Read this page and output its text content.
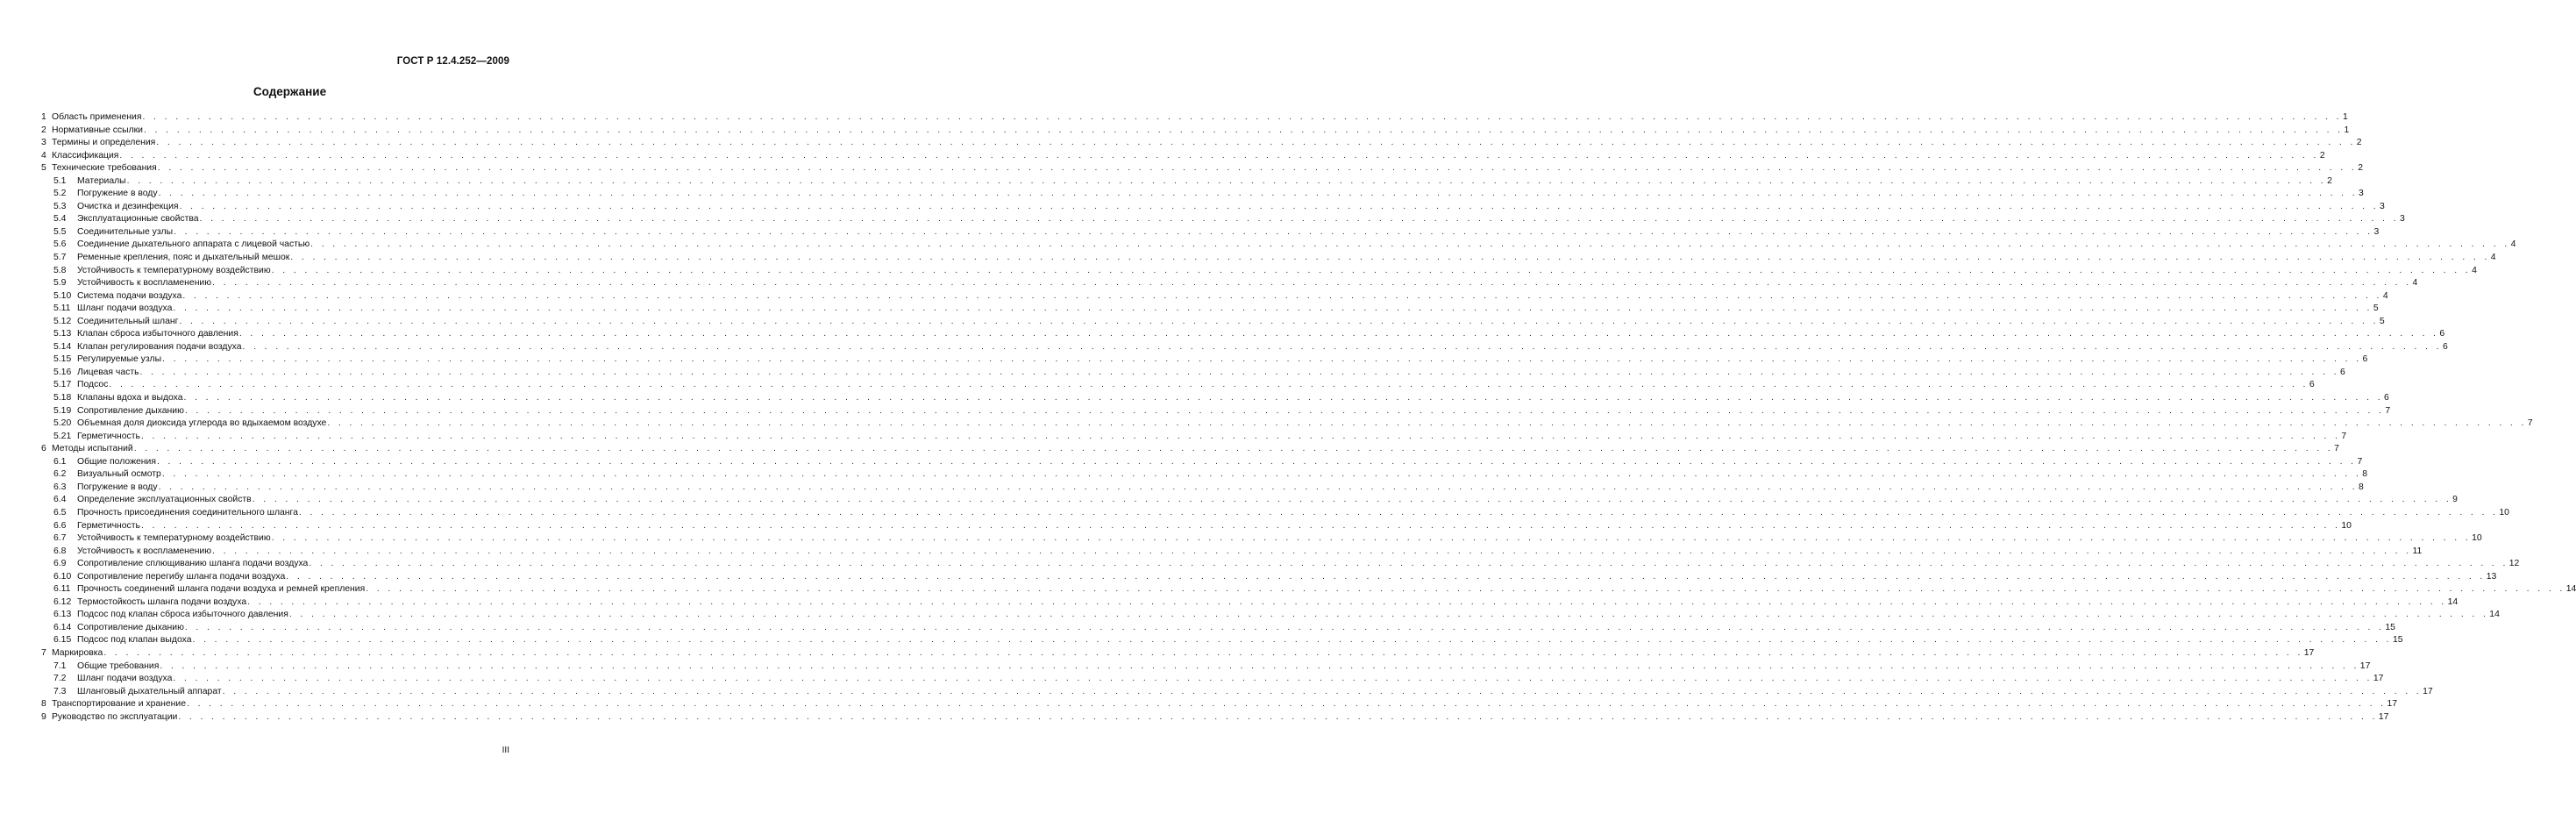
ГОСТ Р 12.4.252—2009
Содержание
1 Область применения . . . . . . . . . . . . . . . . . . . . . . . . . . . . . . . . . . . . . . . . . . . . . . . . . . . . . . . . . . . . . . . . . . . . . . . . . . . . . . . . . . . . . . . . . . . . . . . . . . . . . . . . . . . . . . . . . . . . . . . . . . . . . . . . . . . . . . . . . . . . . . . . . . . . . . . . . . . . . . . . . . . . . . . . . . . . . . . . . . . . . . . . . . . . . . . . . . . . . . . . 1
2 Нормативные ссылки . . . . . . . . . . . . . . . . . . . . . . . . . . . . . . . . . . . . . . . . . . . . . . . . . . . . . . . . . . . . . . . . . . . . . . . . . . . . . . . . . . . . . . . . . . . . . . . . . . . . . . . . . . . . . . . . . . . . . . . . . . . . . . . . . . . . . . . . . . . . . . . . . . . . . . . . . . . . . . . . . . . . . . . . . . . . . . . . . . . . . . . . . . . . . . . . . . . . . . . . 1
3 Термины и определения . . . . . . . . . . . . . . . . . . . . . . . . . . . . . . . . . . . . . . . . . . . . . . . . . . . . . . . . . . . . . . . . . . . . . . . . . . . . . . . . . . . . . . . . . . . . . . . . . . . . . . . . . . . . . . . . . . . . . . . . . . . . . . . . . . . . . . . . . . . . . . . . . . . . . . . . . . . . . . . . . . . . . . . . . . . . . . . . . . . . . . . . . . . . . . . . . . . . . . . . 2
4 Классификация . . . . . . . . . . . . . . . . . . . . . . . . . . . . . . . . . . . . . . . . . . . . . . . . . . . . . . . . . . . . . . . . . . . . . . . . . . . . . . . . . . . . . . . . . . . . . . . . . . . . . . . . . . . . . . . . . . . . . . . . . . . . . . . . . . . . . . . . . . . . . . . . . . . . . . . . . . . . . . . . . . . . . . . . . . . . . . . . . . . . . . . . . . . . . . . . . . . . . . . . 2
5 Технические требования . . . . . . . . . . . . . . . . . . . . . . . . . . . . . . . . . . . . . . . . . . . . . . . . . . . . . . . . . . . . . . . . . . . . . . . . . . . . . . . . . . . . . . . . . . . . . . . . . . . . . . . . . . . . . . . . . . . . . . . . . . . . . . . . . . . . . . . . . . . . . . . . . . . . . . . . . . . . . . . . . . . . . . . . . . . . . . . . . . . . . . . . . . . . . . . . . . . . . . . . 2
5.1	Материалы . . . . . . . . . . . . . . . . . . . . . . . . . . . . . . . . . . . . . . . . . . . . . . . . . . . . . . . . . . . . . . . . . . . . . . . . . . . . . . . . . . . . . . . . . . . . . . . . . . . . . . . . . . . . . . . . . . . . . . . . . . . . . . . . . . . . . . . . . . . . . . . . . . . . . . . . . . . . . . . . . . . . . . . . . . . . . . . . . . . . . . . . . . . . . . . . . . . . . . . . 2
5.2	Погружение в воду . . . . . . . . . . . . . . . . . . . . . . . . . . . . . . . . . . . . . . . . . . . . . . . . . . . . . . . . . . . . . . . . . . . . . . . . . . . . . . . . . . . . . . . . . . . . . . . . . . . . . . . . . . . . . . . . . . . . . . . . . . . . . . . . . . . . . . . . . . . . . . . . . . . . . . . . . . . . . . . . . . . . . . . . . . . . . . . . . . . . . . . . . . . . . . . . . . . . . . . . 3
5.3	Очистка и дезинфекция . . . . . . . . . . . . . . . . . . . . . . . . . . . . . . . . . . . . . . . . . . . . . . . . . . . . . . . . . . . . . . . . . . . . . . . . . . . . . . . . . . . . . . . . . . . . . . . . . . . . . . . . . . . . . . . . . . . . . . . . . . . . . . . . . . . . . . . . . . . . . . . . . . . . . . . . . . . . . . . . . . . . . . . . . . . . . . . . . . . . . . . . . . . . . . . . . . . . . . . . 3
5.4	Эксплуатационные свойства . . . . . . . . . . . . . . . . . . . . . . . . . . . . . . . . . . . . . . . . . . . . . . . . . . . . . . . . . . . . . . . . . . . . . . . . . . . . . . . . . . . . . . . . . . . . . . . . . . . . . . . . . . . . . . . . . . . . . . . . . . . . . . . . . . . . . . . . . . . . . . . . . . . . . . . . . . . . . . . . . . . . . . . . . . . . . . . . . . . . . . . . . . . . . . . . . . . . . . . . 3
5.5	Соединительные узлы . . . . . . . . . . . . . . . . . . . . . . . . . . . . . . . . . . . . . . . . . . . . . . . . . . . . . . . . . . . . . . . . . . . . . . . . . . . . . . . . . . . . . . . . . . . . . . . . . . . . . . . . . . . . . . . . . . . . . . . . . . . . . . . . . . . . . . . . . . . . . . . . . . . . . . . . . . . . . . . . . . . . . . . . . . . . . . . . . . . . . . . . . . . . . . . . . . . . . . . . 3
5.6	Соединение дыхательного аппарата с лицевой частью . . . . . . . . . . . . . . . . . . . . . . . . . . . . . . . . . . . . . . . . . . . . . . . . . . . . . . . . . . . . . . . . . . . . . . . . . . . . . . . . . . . . . . . . . . . . . . . . . . . . . . . . . . . . . . . . . . . . . . . . . . . . . . . . . . . . . . . . . . . . . . . . . . . . . . . . . . . . . . . . . . . . . . . . . . . . . . . . . . . . . . . . . . . . . . . . . . . . . . . . 4
5.7	Ременные крепления, пояс и дыхательный мешок . . . . . . . . . . . . . . . . . . . . . . . . . . . . . . . . . . . . . . . . . . . . . . . . . . . . . . . . . . . . . . . . . . . . . . . . . . . . . . . . . . . . . . . . . . . . . . . . . . . . . . . . . . . . . . . . . . . . . . . . . . . . . . . . . . . . . . . . . . . . . . . . . . . . . . . . . . . . . . . . . . . . . . . . . . . . . . . . . . . . . . . . . . . . . . . . . . . . . . . . 4
5.8	Устойчивость к температурному воздействию . . . . . . . . . . . . . . . . . . . . . . . . . . . . . . . . . . . . . . . . . . . . . . . . . . . . . . . . . . . . . . . . . . . . . . . . . . . . . . . . . . . . . . . . . . . . . . . . . . . . . . . . . . . . . . . . . . . . . . . . . . . . . . . . . . . . . . . . . . . . . . . . . . . . . . . . . . . . . . . . . . . . . . . . . . . . . . . . . . . . . . . . . . . . . . . . . . . . . . . . 4
5.9	Устойчивость к воспламенению . . . . . . . . . . . . . . . . . . . . . . . . . . . . . . . . . . . . . . . . . . . . . . . . . . . . . . . . . . . . . . . . . . . . . . . . . . . . . . . . . . . . . . . . . . . . . . . . . . . . . . . . . . . . . . . . . . . . . . . . . . . . . . . . . . . . . . . . . . . . . . . . . . . . . . . . . . . . . . . . . . . . . . . . . . . . . . . . . . . . . . . . . . . . . . . . . . . . . . . . 4
5.10 Система подачи воздуха . . . . . . . . . . . . . . . . . . . . . . . . . . . . . . . . . . . . . . . . . . . . . . . . . . . . . . . . . . . . . . . . . . . . . . . . . . . . . . . . . . . . . . . . . . . . . . . . . . . . . . . . . . . . . . . . . . . . . . . . . . . . . . . . . . . . . . . . . . . . . . . . . . . . . . . . . . . . . . . . . . . . . . . . . . . . . . . . . . . . . . . . . . . . . . . . . . . . . . . . 4
5.11 Шланг подачи воздуха . . . . . . . . . . . . . . . . . . . . . . . . . . . . . . . . . . . . . . . . . . . . . . . . . . . . . . . . . . . . . . . . . . . . . . . . . . . . . . . . . . . . . . . . . . . . . . . . . . . . . . . . . . . . . . . . . . . . . . . . . . . . . . . . . . . . . . . . . . . . . . . . . . . . . . . . . . . . . . . . . . . . . . . . . . . . . . . . . . . . . . . . . . . . . . . . . . . . . . . . 5
5.12 Соединительный шланг . . . . . . . . . . . . . . . . . . . . . . . . . . . . . . . . . . . . . . . . . . . . . . . . . . . . . . . . . . . . . . . . . . . . . . . . . . . . . . . . . . . . . . . . . . . . . . . . . . . . . . . . . . . . . . . . . . . . . . . . . . . . . . . . . . . . . . . . . . . . . . . . . . . . . . . . . . . . . . . . . . . . . . . . . . . . . . . . . . . . . . . . . . . . . . . . . . . . . . . . 5
5.13 Клапан сброса избыточного давления . . . . . . . . . . . . . . . . . . . . . . . . . . . . . . . . . . . . . . . . . . . . . . . . . . . . . . . . . . . . . . . . . . . . . . . . . . . . . . . . . . . . . . . . . . . . . . . . . . . . . . . . . . . . . . . . . . . . . . . . . . . . . . . . . . . . . . . . . . . . . . . . . . . . . . . . . . . . . . . . . . . . . . . . . . . . . . . . . . . . . . . . . . . . . . . . . . . . . . . . 6
5.14 Клапан регулирования подачи воздуха . . . . . . . . . . . . . . . . . . . . . . . . . . . . . . . . . . . . . . . . . . . . . . . . . . . . . . . . . . . . . . . . . . . . . . . . . . . . . . . . . . . . . . . . . . . . . . . . . . . . . . . . . . . . . . . . . . . . . . . . . . . . . . . . . . . . . . . . . . . . . . . . . . . . . . . . . . . . . . . . . . . . . . . . . . . . . . . . . . . . . . . . . . . . . . . . . . . . . . . . 6
5.15 Регулируемые узлы . . . . . . . . . . . . . . . . . . . . . . . . . . . . . . . . . . . . . . . . . . . . . . . . . . . . . . . . . . . . . . . . . . . . . . . . . . . . . . . . . . . . . . . . . . . . . . . . . . . . . . . . . . . . . . . . . . . . . . . . . . . . . . . . . . . . . . . . . . . . . . . . . . . . . . . . . . . . . . . . . . . . . . . . . . . . . . . . . . . . . . . . . . . . . . . . . . . . . . . . 6
5.16 Лицевая часть . . . . . . . . . . . . . . . . . . . . . . . . . . . . . . . . . . . . . . . . . . . . . . . . . . . . . . . . . . . . . . . . . . . . . . . . . . . . . . . . . . . . . . . . . . . . . . . . . . . . . . . . . . . . . . . . . . . . . . . . . . . . . . . . . . . . . . . . . . . . . . . . . . . . . . . . . . . . . . . . . . . . . . . . . . . . . . . . . . . . . . . . . . . . . . . . . . . . . . . . 6
5.17 Подсос . . . . . . . . . . . . . . . . . . . . . . . . . . . . . . . . . . . . . . . . . . . . . . . . . . . . . . . . . . . . . . . . . . . . . . . . . . . . . . . . . . . . . . . . . . . . . . . . . . . . . . . . . . . . . . . . . . . . . . . . . . . . . . . . . . . . . . . . . . . . . . . . . . . . . . . . . . . . . . . . . . . . . . . . . . . . . . . . . . . . . . . . . . . . . . . . . . . . . . . . 6
5.18 Клапаны вдоха и выдоха . . . . . . . . . . . . . . . . . . . . . . . . . . . . . . . . . . . . . . . . . . . . . . . . . . . . . . . . . . . . . . . . . . . . . . . . . . . . . . . . . . . . . . . . . . . . . . . . . . . . . . . . . . . . . . . . . . . . . . . . . . . . . . . . . . . . . . . . . . . . . . . . . . . . . . . . . . . . . . . . . . . . . . . . . . . . . . . . . . . . . . . . . . . . . . . . . . . . . . . . 6
5.19 Сопротивление дыханию . . . . . . . . . . . . . . . . . . . . . . . . . . . . . . . . . . . . . . . . . . . . . . . . . . . . . . . . . . . . . . . . . . . . . . . . . . . . . . . . . . . . . . . . . . . . . . . . . . . . . . . . . . . . . . . . . . . . . . . . . . . . . . . . . . . . . . . . . . . . . . . . . . . . . . . . . . . . . . . . . . . . . . . . . . . . . . . . . . . . . . . . . . . . . . . . . . . . . . . . 7
5.20 Объемная доля диоксида углерода во вдыхаемом воздухе . . . . . . . . . . . . . . . . . . . . . . . . . . . . . . . . . . . . . . . . . . . . . . . . . . . . . . . . . . . . . . . . . . . . . . . . . . . . . . . . . . . . . . . . . . . . . . . . . . . . . . . . . . . . . . . . . . . . . . . . . . . . . . . . . . . . . . . . . . . . . . . . . . . . . . . . . . . . . . . . . . . . . . . . . . . . . . . . . . . . . . . . . . . . . . . . . . . . . . . . 7
5.21 Герметичность . . . . . . . . . . . . . . . . . . . . . . . . . . . . . . . . . . . . . . . . . . . . . . . . . . . . . . . . . . . . . . . . . . . . . . . . . . . . . . . . . . . . . . . . . . . . . . . . . . . . . . . . . . . . . . . . . . . . . . . . . . . . . . . . . . . . . . . . . . . . . . . . . . . . . . . . . . . . . . . . . . . . . . . . . . . . . . . . . . . . . . . . . . . . . . . . . . . . . . . . 7
6 Методы испытаний . . . . . . . . . . . . . . . . . . . . . . . . . . . . . . . . . . . . . . . . . . . . . . . . . . . . . . . . . . . . . . . . . . . . . . . . . . . . . . . . . . . . . . . . . . . . . . . . . . . . . . . . . . . . . . . . . . . . . . . . . . . . . . . . . . . . . . . . . . . . . . . . . . . . . . . . . . . . . . . . . . . . . . . . . . . . . . . . . . . . . . . . . . . . . . . . . . . . . . . . 7
6.1	Общие положения . . . . . . . . . . . . . . . . . . . . . . . . . . . . . . . . . . . . . . . . . . . . . . . . . . . . . . . . . . . . . . . . . . . . . . . . . . . . . . . . . . . . . . . . . . . . . . . . . . . . . . . . . . . . . . . . . . . . . . . . . . . . . . . . . . . . . . . . . . . . . . . . . . . . . . . . . . . . . . . . . . . . . . . . . . . . . . . . . . . . . . . . . . . . . . . . . . . . . . . . 7
6.2	Визуальный осмотр . . . . . . . . . . . . . . . . . . . . . . . . . . . . . . . . . . . . . . . . . . . . . . . . . . . . . . . . . . . . . . . . . . . . . . . . . . . . . . . . . . . . . . . . . . . . . . . . . . . . . . . . . . . . . . . . . . . . . . . . . . . . . . . . . . . . . . . . . . . . . . . . . . . . . . . . . . . . . . . . . . . . . . . . . . . . . . . . . . . . . . . . . . . . . . . . . . . . . . . . 8
6.3	Погружение в воду . . . . . . . . . . . . . . . . . . . . . . . . . . . . . . . . . . . . . . . . . . . . . . . . . . . . . . . . . . . . . . . . . . . . . . . . . . . . . . . . . . . . . . . . . . . . . . . . . . . . . . . . . . . . . . . . . . . . . . . . . . . . . . . . . . . . . . . . . . . . . . . . . . . . . . . . . . . . . . . . . . . . . . . . . . . . . . . . . . . . . . . . . . . . . . . . . . . . . . . . 8
6.4	Определение эксплуатационных свойств . . . . . . . . . . . . . . . . . . . . . . . . . . . . . . . . . . . . . . . . . . . . . . . . . . . . . . . . . . . . . . . . . . . . . . . . . . . . . . . . . . . . . . . . . . . . . . . . . . . . . . . . . . . . . . . . . . . . . . . . . . . . . . . . . . . . . . . . . . . . . . . . . . . . . . . . . . . . . . . . . . . . . . . . . . . . . . . . . . . . . . . . . . . . . . . . . . . . . . . . 9
6.5	Прочность присоединения соединительного шланга . . . . . . . . . . . . . . . . . . . . . . . . . . . . . . . . . . . . . . . . . . . . . . . . . . . . . . . . . . . . . . . . . . . . . . . . . . . . . . . . . . . . . . . . . . . . . . . . . . . . . . . . . . . . . . . . . . . . . . . . . . . . . . . . . . . . . . . . . . . . . . . . . . . . . . . . . . . . . . . . . . . . . . . . . . . . . . . . . . . . . . . . . . . . . . . . . . . . . . . . 10
6.6	Герметичность . . . . . . . . . . . . . . . . . . . . . . . . . . . . . . . . . . . . . . . . . . . . . . . . . . . . . . . . . . . . . . . . . . . . . . . . . . . . . . . . . . . . . . . . . . . . . . . . . . . . . . . . . . . . . . . . . . . . . . . . . . . . . . . . . . . . . . . . . . . . . . . . . . . . . . . . . . . . . . . . . . . . . . . . . . . . . . . . . . . . . . . . . . . . . . . . . . . . . . . . 10
6.7	Устойчивость к температурному воздействию . . . . . . . . . . . . . . . . . . . . . . . . . . . . . . . . . . . . . . . . . . . . . . . . . . . . . . . . . . . . . . . . . . . . . . . . . . . . . . . . . . . . . . . . . . . . . . . . . . . . . . . . . . . . . . . . . . . . . . . . . . . . . . . . . . . . . . . . . . . . . . . . . . . . . . . . . . . . . . . . . . . . . . . . . . . . . . . . . . . . . . . . . . . . . . . . . . . . . . . . 10
6.8	Устойчивость к воспламенению . . . . . . . . . . . . . . . . . . . . . . . . . . . . . . . . . . . . . . . . . . . . . . . . . . . . . . . . . . . . . . . . . . . . . . . . . . . . . . . . . . . . . . . . . . . . . . . . . . . . . . . . . . . . . . . . . . . . . . . . . . . . . . . . . . . . . . . . . . . . . . . . . . . . . . . . . . . . . . . . . . . . . . . . . . . . . . . . . . . . . . . . . . . . . . . . . . . . . . . . 11
6.9	Сопротивление сплющиванию шланга подачи воздуха . . . . . . . . . . . . . . . . . . . . . . . . . . . . . . . . . . . . . . . . . . . . . . . . . . . . . . . . . . . . . . . . . . . . . . . . . . . . . . . . . . . . . . . . . . . . . . . . . . . . . . . . . . . . . . . . . . . . . . . . . . . . . . . . . . . . . . . . . . . . . . . . . . . . . . . . . . . . . . . . . . . . . . . . . . . . . . . . . . . . . . . . . . . . . . . . . . . . . . . . 12
6.10 Сопротивление перегибу шланга подачи воздуха . . . . . . . . . . . . . . . . . . . . . . . . . . . . . . . . . . . . . . . . . . . . . . . . . . . . . . . . . . . . . . . . . . . . . . . . . . . . . . . . . . . . . . . . . . . . . . . . . . . . . . . . . . . . . . . . . . . . . . . . . . . . . . . . . . . . . . . . . . . . . . . . . . . . . . . . . . . . . . . . . . . . . . . . . . . . . . . . . . . . . . . . . . . . . . . . . . . . . . . . 13
6.11 Прочность соединений шланга подачи воздуха и ремней крепления . . . . . . . . . . . . . . . . . . . . . . . . . . . . . . . . . . . . . . . . . . . . . . . . . . . . . . . . . . . . . . . . . . . . . . . . . . . . . . . . . . . . . . . . . . . . . . . . . . . . . . . . . . . . . . . . . . . . . . . . . . . . . . . . . . . . . . . . . . . . . . . . . . . . . . . . . . . . . . . . . . . . . . . . . . . . . . . . . . . . . . . . . . . . . . . . . . . . . . . . 14
6.12 Термостойкость шланга подачи воздуха . . . . . . . . . . . . . . . . . . . . . . . . . . . . . . . . . . . . . . . . . . . . . . . . . . . . . . . . . . . . . . . . . . . . . . . . . . . . . . . . . . . . . . . . . . . . . . . . . . . . . . . . . . . . . . . . . . . . . . . . . . . . . . . . . . . . . . . . . . . . . . . . . . . . . . . . . . . . . . . . . . . . . . . . . . . . . . . . . . . . . . . . . . . . . . . . . . . . . . . . 14
6.13 Подсос под клапан сброса избыточного давления . . . . . . . . . . . . . . . . . . . . . . . . . . . . . . . . . . . . . . . . . . . . . . . . . . . . . . . . . . . . . . . . . . . . . . . . . . . . . . . . . . . . . . . . . . . . . . . . . . . . . . . . . . . . . . . . . . . . . . . . . . . . . . . . . . . . . . . . . . . . . . . . . . . . . . . . . . . . . . . . . . . . . . . . . . . . . . . . . . . . . . . . . . . . . . . . . . . . . . . . 14
6.14 Сопротивление дыханию . . . . . . . . . . . . . . . . . . . . . . . . . . . . . . . . . . . . . . . . . . . . . . . . . . . . . . . . . . . . . . . . . . . . . . . . . . . . . . . . . . . . . . . . . . . . . . . . . . . . . . . . . . . . . . . . . . . . . . . . . . . . . . . . . . . . . . . . . . . . . . . . . . . . . . . . . . . . . . . . . . . . . . . . . . . . . . . . . . . . . . . . . . . . . . . . . . . . . . . . 15
6.15 Подсос под клапан выдоха . . . . . . . . . . . . . . . . . . . . . . . . . . . . . . . . . . . . . . . . . . . . . . . . . . . . . . . . . . . . . . . . . . . . . . . . . . . . . . . . . . . . . . . . . . . . . . . . . . . . . . . . . . . . . . . . . . . . . . . . . . . . . . . . . . . . . . . . . . . . . . . . . . . . . . . . . . . . . . . . . . . . . . . . . . . . . . . . . . . . . . . . . . . . . . . . . . . . . . . . 15
7 Маркировка . . . . . . . . . . . . . . . . . . . . . . . . . . . . . . . . . . . . . . . . . . . . . . . . . . . . . . . . . . . . . . . . . . . . . . . . . . . . . . . . . . . . . . . . . . . . . . . . . . . . . . . . . . . . . . . . . . . . . . . . . . . . . . . . . . . . . . . . . . . . . . . . . . . . . . . . . . . . . . . . . . . . . . . . . . . . . . . . . . . . . . . . . . . . . . . . . . . . . . . . 17
7.1	Общие требования . . . . . . . . . . . . . . . . . . . . . . . . . . . . . . . . . . . . . . . . . . . . . . . . . . . . . . . . . . . . . . . . . . . . . . . . . . . . . . . . . . . . . . . . . . . . . . . . . . . . . . . . . . . . . . . . . . . . . . . . . . . . . . . . . . . . . . . . . . . . . . . . . . . . . . . . . . . . . . . . . . . . . . . . . . . . . . . . . . . . . . . . . . . . . . . . . . . . . . . . 17
7.2	Шланг подачи воздуха . . . . . . . . . . . . . . . . . . . . . . . . . . . . . . . . . . . . . . . . . . . . . . . . . . . . . . . . . . . . . . . . . . . . . . . . . . . . . . . . . . . . . . . . . . . . . . . . . . . . . . . . . . . . . . . . . . . . . . . . . . . . . . . . . . . . . . . . . . . . . . . . . . . . . . . . . . . . . . . . . . . . . . . . . . . . . . . . . . . . . . . . . . . . . . . . . . . . . . . . 17
7.3	Шланговый дыхательный аппарат . . . . . . . . . . . . . . . . . . . . . . . . . . . . . . . . . . . . . . . . . . . . . . . . . . . . . . . . . . . . . . . . . . . . . . . . . . . . . . . . . . . . . . . . . . . . . . . . . . . . . . . . . . . . . . . . . . . . . . . . . . . . . . . . . . . . . . . . . . . . . . . . . . . . . . . . . . . . . . . . . . . . . . . . . . . . . . . . . . . . . . . . . . . . . . . . . . . . . . . . 17
8 Транспортирование и хранение . . . . . . . . . . . . . . . . . . . . . . . . . . . . . . . . . . . . . . . . . . . . . . . . . . . . . . . . . . . . . . . . . . . . . . . . . . . . . . . . . . . . . . . . . . . . . . . . . . . . . . . . . . . . . . . . . . . . . . . . . . . . . . . . . . . . . . . . . . . . . . . . . . . . . . . . . . . . . . . . . . . . . . . . . . . . . . . . . . . . . . . . . . . . . . . . . . . . . . . . 17
9 Руководство по эксплуатации . . . . . . . . . . . . . . . . . . . . . . . . . . . . . . . . . . . . . . . . . . . . . . . . . . . . . . . . . . . . . . . . . . . . . . . . . . . . . . . . . . . . . . . . . . . . . . . . . . . . . . . . . . . . . . . . . . . . . . . . . . . . . . . . . . . . . . . . . . . . . . . . . . . . . . . . . . . . . . . . . . . . . . . . . . . . . . . . . . . . . . . . . . . . . . . . . . . . . . . . 17
III
